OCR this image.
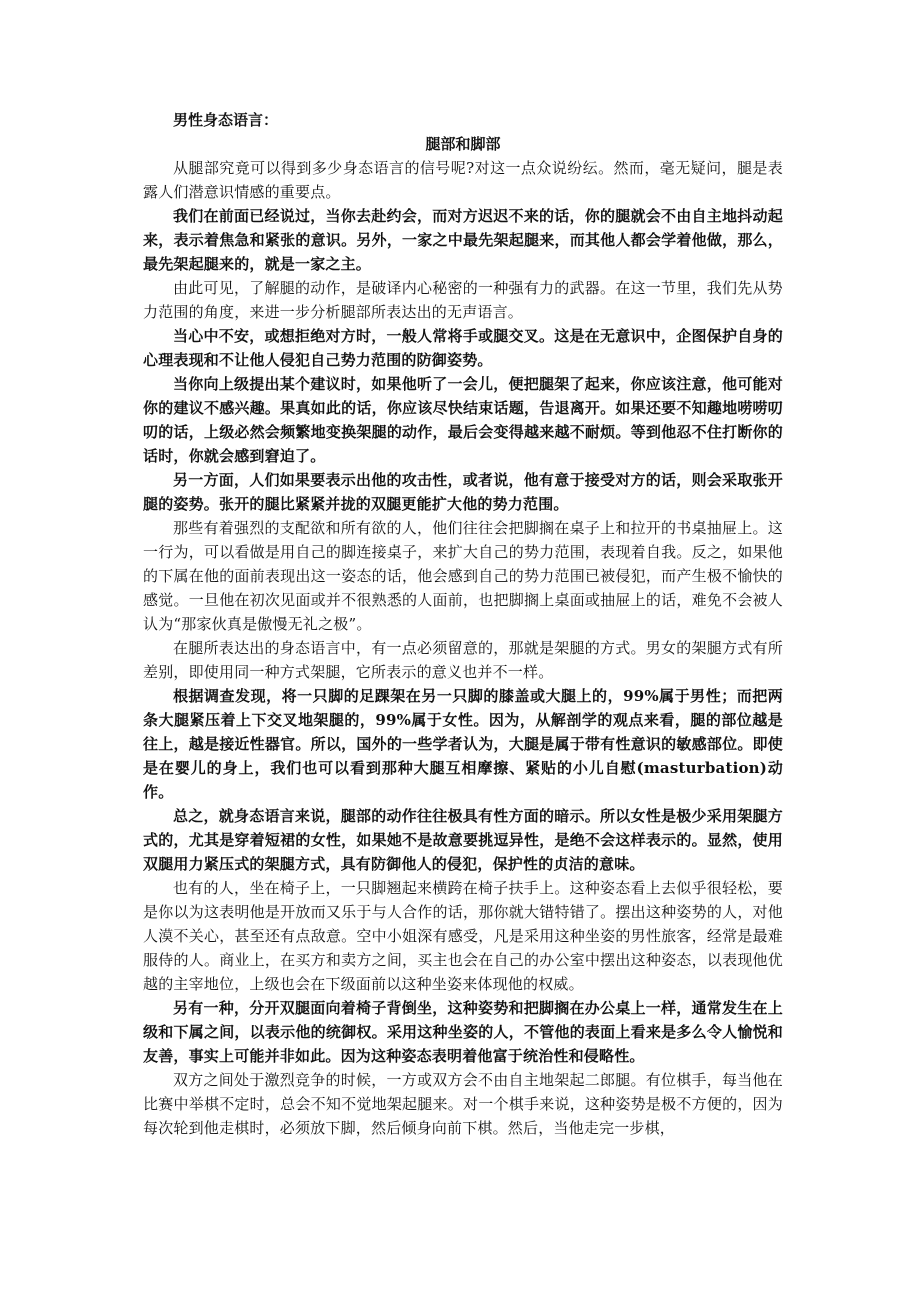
男性身态语言：

腿部和脚部

从腿部究竟可以得到多少身态语言的信号呢?对这一点众说纷纭。然而，毫无疑问，腿是表露人们潜意识情感的重要点。

我们在前面已经说过，当你去赴约会，而对方迟迟不来的话，你的腿就会不由自主地抖动起来，表示着焦急和紧张的意识。另外，一家之中最先架起腿来，而其他人都会学着他做，那么，最先架起腿来的，就是一家之主。

由此可见，了解腿的动作，是破译内心秘密的一种强有力的武器。在这一节里，我们先从势力范围的角度，来进一步分析腿部所表达出的无声语言。

当心中不安，或想拒绝对方时，一般人常将手或腿交叉。这是在无意识中，企图保护自身的心理表现和不让他人侵犯自己势力范围的防御姿势。

当你向上级提出某个建议时，如果他听了一会儿，便把腿架了起来，你应该注意，他可能对你的建议不感兴趣。果真如此的话，你应该尽快结束话题，告退离开。如果还要不知趣地唠唠叨叨的话，上级必然会频繁地变换架腿的动作，最后会变得越来越不耐烦。等到他忍不住打断你的话时，你就会感到窘迫了。

另一方面，人们如果要表示出他的攻击性，或者说，他有意于接受对方的话，则会采取张开腿的姿势。张开的腿比紧紧并拢的双腿更能扩大他的势力范围。

那些有着强烈的支配欲和所有欲的人，他们往往会把脚搁在桌子上和拉开的书桌抽屉上。这一行为，可以看做是用自己的脚连接桌子，来扩大自己的势力范围，表现着自我。反之，如果他的下属在他的面前表现出这一姿态的话，他会感到自己的势力范围已被侵犯，而产生极不愉快的感觉。一旦他在初次见面或并不很熟悉的人面前，也把脚搁上桌面或抽屉上的话，难免不会被人认为“那家伙真是傲慢无礼之极”。

在腿所表达出的身态语言中，有一点必须留意的，那就是架腿的方式。男女的架腿方式有所差别，即使用同一种方式架腿，它所表示的意义也并不一样。

根据调查发现，将一只脚的足踝架在另一只脚的膝盖或大腿上的，99%属于男性；而把两条大腿紧压着上下交叉地架腿的，99%属于女性。因为，从解剖学的观点来看，腿的部位越是往上，越是接近性器官。所以，国外的一些学者认为，大腿是属于带有性意识的敏感部位。即使是在婴儿的身上，我们也可以看到那种大腿互相摩擦、紧贴的小儿自慰(masturbation)动作。

总之，就身态语言来说，腿部的动作往往极具有性方面的暗示。所以女性是极少采用架腿方式的，尤其是穿着短裙的女性，如果她不是故意要挑逗异性，是绝不会这样表示的。显然，使用双腿用力紧压式的架腿方式，具有防御他人的侵犯，保护性的贞洁的意味。

也有的人，坐在椅子上，一只脚翘起来横跨在椅子扶手上。这种姿态看上去似乎很轻松，要是你以为这表明他是开放而又乐于与人合作的话，那你就大错特错了。摆出这种姿势的人，对他人漠不关心，甚至还有点敌意。空中小姐深有感受，凡是采用这种坐姿的男性旅客，经常是最难服侍的人。商业上，在买方和卖方之间，买主也会在自己的办公室中摆出这种姿态，以表现他优越的主宰地位，上级也会在下级面前以这种坐姿来体现他的权威。

另有一种，分开双腿面向着椅子背倒坐，这种姿势和把脚搁在办公桌上一样，通常发生在上级和下属之间，以表示他的统御权。采用这种坐姿的人，不管他的表面上看来是多么令人愉悦和友善，事实上可能并非如此。因为这种姿态表明着他富于统治性和侵略性。

双方之间处于激烈竞争的时候，一方或双方会不由自主地架起二郎腿。有位棋手，每当他在比赛中举棋不定时，总会不知不觉地架起腿来。对一个棋手来说，这种姿势是极不方便的，因为每次轮到他走棋时，必须放下脚，然后倾身向前下棋。然后，当他走完一步棋，
